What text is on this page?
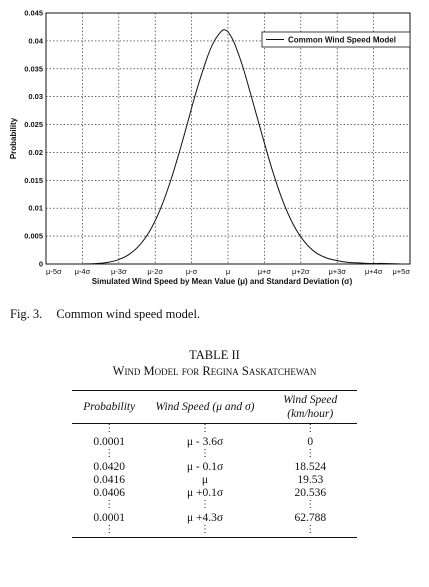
0
0.005
0.01
0.015
0.02
0.025
0.03
0.035
0.04
0.045
μ-5σ μ-4σ	μ-3σ	μ-2σ	μ-σ	μ	μ+σ	μ+2σ	μ+3σ	μ+4σ μ+5σ
Common Wind Speed Model
Probability
Simulated Wind Speed by Mean Value (μ) and Standard Deviation (σ)
Fig. 3. Common wind speed model.
TABLE II
Wind Model for Regina Saskatchewan
Probability	Wind Speed (μ and σ)	Wind Speed
(km/hour)
⋮	⋮	⋮
0.0001	μ - 3.6σ	0
⋮	⋮	⋮
0.0420	μ - 0.1σ	18.524
0.0416	μ	19.53
0.0406	μ +0.1σ	20.536
⋮	⋮	⋮
0.0001	μ +4.3σ	62.788
⋮	⋮	⋮
